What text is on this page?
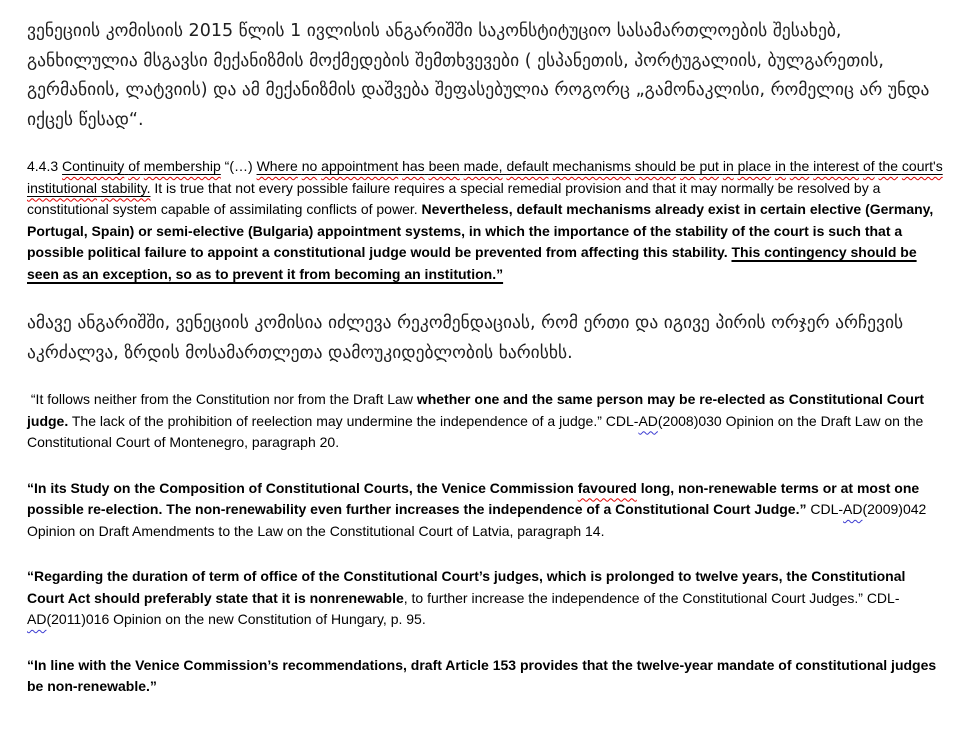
ვენეციის კომისიის 2015 წლის 1 ივლისის ანგარიშში საკონსტიტუციო სასამართლოების შესახებ, განხილულია მსგავსი მექანიზმის მოქმედების შემთხვევები ( ესპანეთის, პორტუგალიის, ბულგარეთის, გერმანიის, ლატვიის) და ამ მექანიზმის დაშვება შეფასებულია როგორც „გამონაკლისი, რომელიც არ უნდა იქცეს წესად“.

4.4.3 Continuity of membership “(…) Where no appointment has been made, default mechanisms should be put in place in the interest of the court's institutional stability. It is true that not every possible failure requires a special remedial provision and that it may normally be resolved by a constitutional system capable of assimilating conflicts of power. Nevertheless, default mechanisms already exist in certain elective (Germany, Portugal, Spain) or semi-elective (Bulgaria) appointment systems, in which the importance of the stability of the court is such that a possible political failure to appoint a constitutional judge would be prevented from affecting this stability. This contingency should be seen as an exception, so as to prevent it from becoming an institution.”

ამავე ანგარიშში, ვენეციის კომისია იძლევა რეკომენდაციას, რომ ერთი და იგივე პირის ორჯერ არჩევის აკრძალვა, ზრდის მოსამართლეთა დამოუკიდებლობის ხარისხს.

“It follows neither from the Constitution nor from the Draft Law whether one and the same person may be re-elected as Constitutional Court judge. The lack of the prohibition of reelection may undermine the independence of a judge.” CDL-AD(2008)030 Opinion on the Draft Law on the Constitutional Court of Montenegro, paragraph 20.

“In its Study on the Composition of Constitutional Courts, the Venice Commission favoured long, non-renewable terms or at most one possible re-election. The non-renewability even further increases the independence of a Constitutional Court Judge.” CDL-AD(2009)042 Opinion on Draft Amendments to the Law on the Constitutional Court of Latvia, paragraph 14.

“Regarding the duration of term of office of the Constitutional Court’s judges, which is prolonged to twelve years, the Constitutional Court Act should preferably state that it is nonrenewable, to further increase the independence of the Constitutional Court Judges.” CDL-AD(2011)016 Opinion on the new Constitution of Hungary, p. 95.

“In line with the Venice Commission’s recommendations, draft Article 153 provides that the twelve-year mandate of constitutional judges be non-renewable.”
